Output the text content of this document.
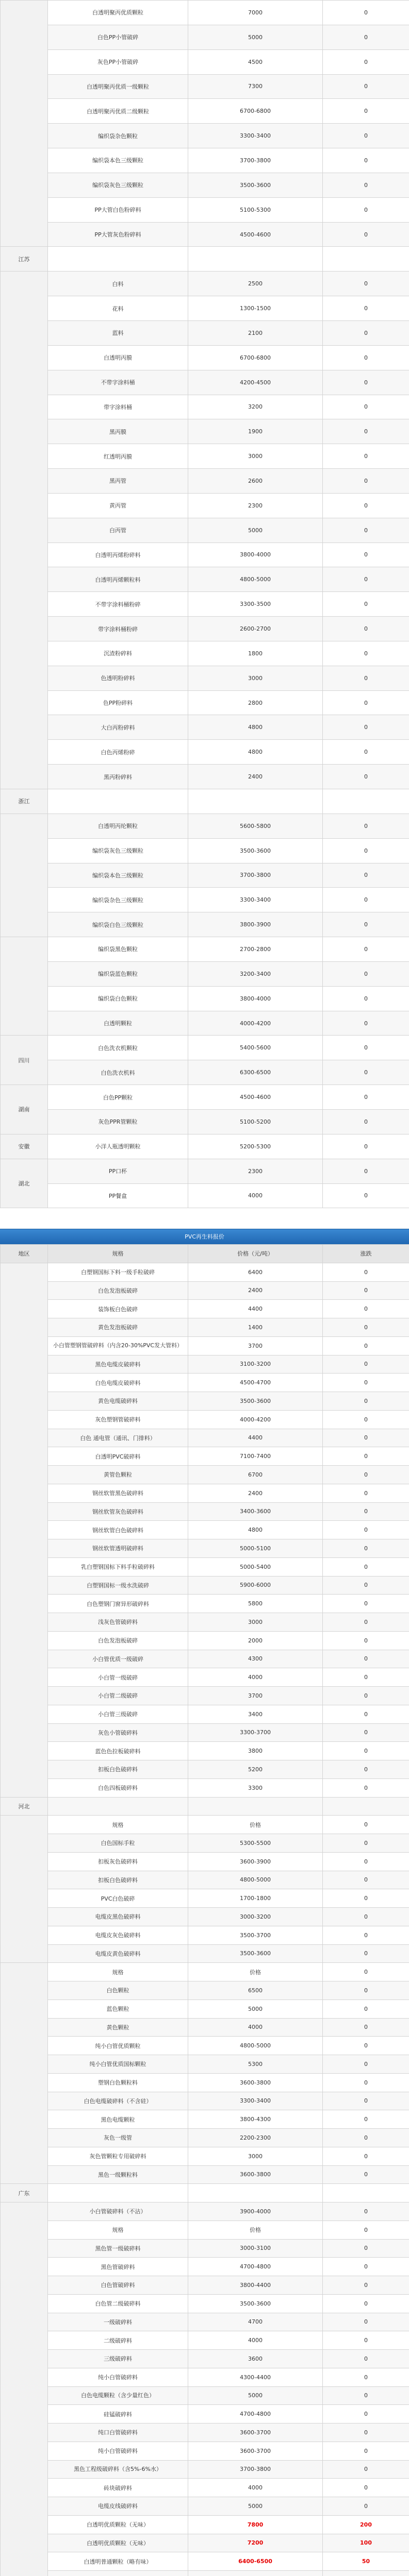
	白透明聚丙优质颗粒	7000	0
	白色PP小管破碎	5000	0
	灰色PP小管破碎	4500	0
	白透明聚丙优质一级颗粒	7300	0
	白透明聚丙优质二级颗粒	6700-6800	0
	编织袋杂色颗粒	3300-3400	0
	编织袋本色三级颗粒	3700-3800	0
	编织袋灰色三级颗粒	3500-3600	0
	PP大管白色粉碎料	5100-5300	0
	PP大管灰色粉碎料	4500-4600	0
江苏			
	白料	2500	0
	花料	1300-1500	0
	蓝料	2100	0
	白透明丙膜	6700-6800	0
	不带字涂料桶	4200-4500	0
	带字涂料桶	3200	0
	黑丙膜	1900	0
	红透明丙膜	3000	0
	黑丙管	2600	0
	黄丙管	2300	0
	白丙管	5000	0
	白透明丙烯粉碎料	3800-4000	0
	白透明丙烯颗粒料	4800-5000	0
	不带字涂料桶粉碎	3300-3500	0
	带字涂料桶粉碎	2600-2700	0
	沉渣粉碎料	1800	0
	色透明粉碎料	3000	0
	色PP粉碎料	2800	0
	大白丙粉碎料	4800	0
	白色丙烯粉碎	4800	0
	黑丙粉碎料	2400	0
浙江			
	白透明丙纶颗粒	5600-5800	0
	编织袋灰色三级颗粒	3500-3600	0
	编织袋本色三级颗粒	3700-3800	0
	编织袋杂色三级颗粒	3300-3400	0
	编织袋白色三级颗粒	3800-3900	0
	编织袋黑色颗粒	2700-2800	0
	编织袋蓝色颗粒	3200-3400	0
	编织袋白色颗粒	3800-4000	0
	白透明颗粒	4000-4200	0
四川	白色洗衣机颗粒	5400-5600	0
	白色洗衣机料	6300-6500	0
湖南	白色PP颗粒	4500-4600	0
	灰色PPR管颗粒	5100-5200	0
安徽	小洋人瓶透明颗粒	5200-5300	0
湖北	PP口杯	2300	0
	PP餐盒	4000	0
PVC再生料报价
地区	规格	价格（元/吨）	涨跌
	白塑钢国标下料一级手粒破碎	6400	0
	白色发泡板破碎	2400	0
	装饰板白色破碎	4400	0
	黄色发泡板破碎	1400	0
	小白管塑钢管破碎料（内含20-30%PVC发大管料）	3700	0
	黑色电缆皮破碎料	3100-3200	0
	白色电缆皮破碎料	4500-4700	0
	黄色电缆破碎料	3500-3600	0
	灰色塑钢管破碎料	4000-4200	0
	白色 通电管（通讯、门排料）	4400	0
	白透明PVC破碎料	7100-7400	0
	黄管色颗粒	6700	0
	钢丝软管黑色破碎料	2400	0
	钢丝软管灰色破碎料	3400-3600	0
	钢丝软管白色破碎料	4800	0
	钢丝软管透明破碎料	5000-5100	0
	乳白塑钢国标下料手粒破碎料	5000-5400	0
	白塑钢国标一级水洗破碎	5900-6000	0
	白色塑钢门窗异形破碎料	5800	0
	浅灰色管破碎料	3000	0
	白色发泡板破碎	2000	0
	小白管优质一级破碎	4300	0
	小白管一级破碎	4000	0
	小白管二级破碎	3700	0
	小白管三级破碎	3400	0
	灰色小管破碎料	3300-3700	0
	蓝色色拉板破碎料	3800	0
	扣板白色破碎料	5200	0
	白色四板破碎料	3300	0
河北			
	规格	价格	0
	白色国标手粒	5300-5500	0
	扣板灰色破碎料	3600-3900	0
	扣板白色破碎料	4800-5000	0
	PVC白色破碎	1700-1800	0
	电缆皮黑色破碎料	3000-3200	0
	电缆皮灰色破碎料	3500-3700	0
	电缆皮黄色破碎料	3500-3600	0
	规格	价格	0
	白色颗粒	6500	0
	蓝色颗粒	5000	0
	黄色颗粒	4000	0
	纯小白管优质颗粒	4800-5000	0
	纯小白管优质国标颗粒	5300	0
	塑钢白色颗粒料	3600-3800	0
	白色电缆破碎料（不含硅）	3300-3400	0
	黑色电缆颗粒	3800-4300	0
	灰色一级管	2200-2300	0
	灰色管颗粒专用破碎料	3000	0
	黑色一级颗粒料	3600-3800	0
广东			
	小白管破碎料（不沾）	3900-4000	0
	规格	价格	0
	黑色管一级破碎料	3000-3100	0
	黑色管破碎料	4700-4800	0
	白色管破碎料	3800-4400	0
	白色管二级破碎料	3500-3600	0
	一级破碎料	4700	0
	二级破碎料	4000	0
	三级破碎料	3600	0
	纯小白管破碎料	4300-4400	0
	白色电缆颗粒（含少量红色）	5000	0
	硅锰破碎料	4700-4800	0
	纯口白管破碎料	3600-3700	0
	纯小白管破碎料	3600-3700	0
	黑色工程级破碎料（含5%-6%水）	3700-3800	0
	砖块破碎料	4000	0
	电缆皮线破碎料	5000	0
	白透明优质颗粒（无味）	7800	200
	白透明优质颗粒（无味）	7200	100
	白透明普通颗粒（略有味）	6400-6500	50
